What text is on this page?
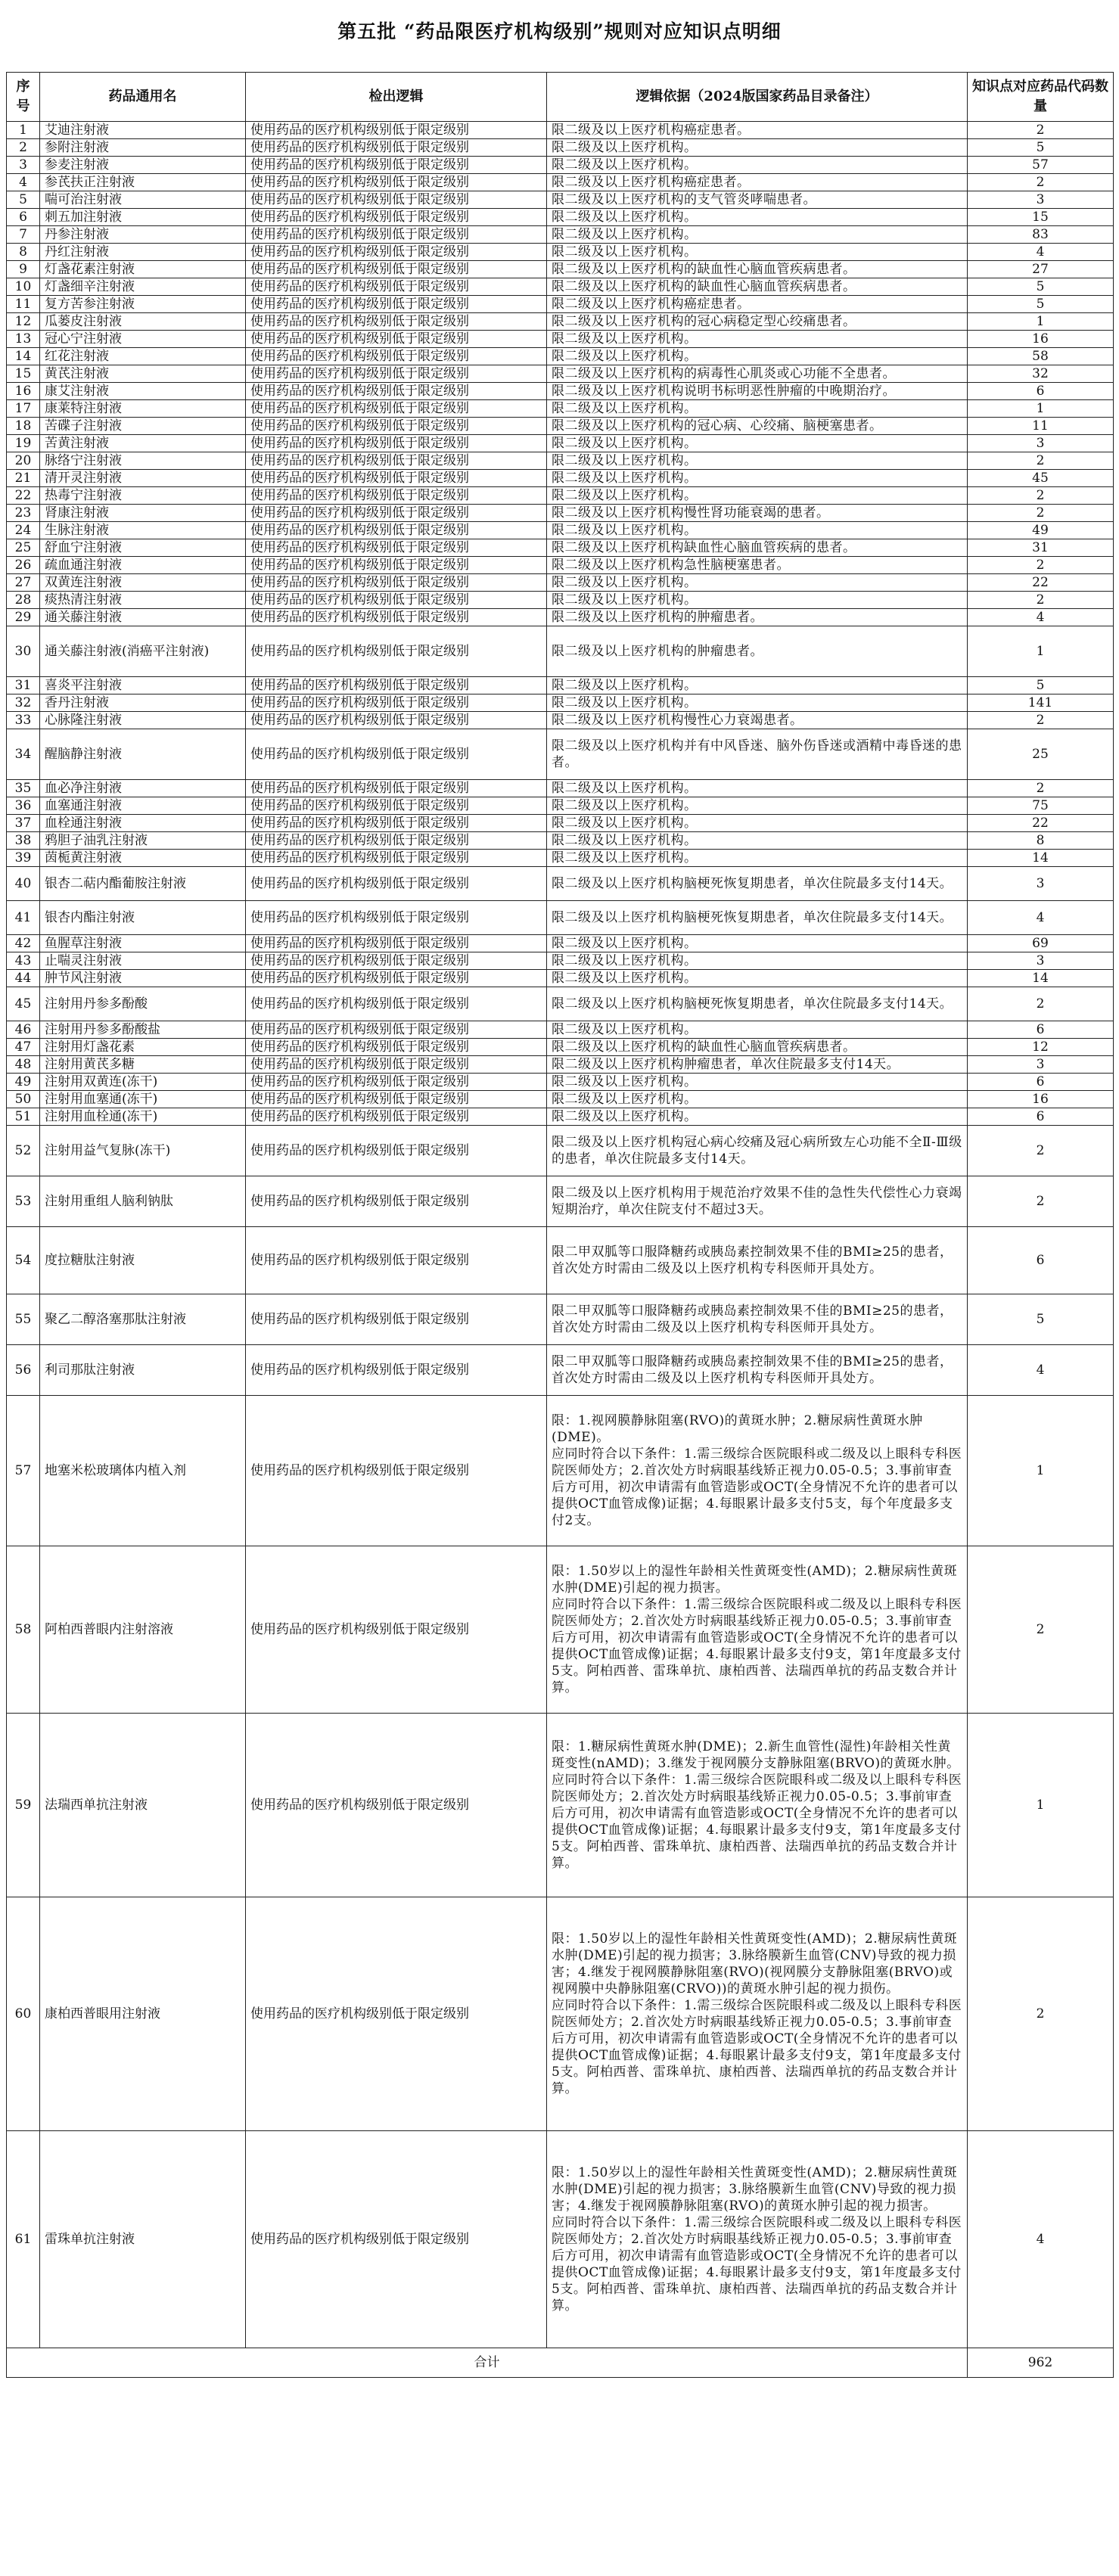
第五批 “药品限医疗机构级别”规则对应知识点明细
序号	药品通用名	检出逻辑	逻辑依据（2024版国家药品目录备注）	知识点对应药品代码数量
1	艾迪注射液	使用药品的医疗机构级别低于限定级别	限二级及以上医疗机构癌症患者。	2
2	参附注射液	使用药品的医疗机构级别低于限定级别	限二级及以上医疗机构。	5
3	参麦注射液	使用药品的医疗机构级别低于限定级别	限二级及以上医疗机构。	57
4	参芪扶正注射液	使用药品的医疗机构级别低于限定级别	限二级及以上医疗机构癌症患者。	2
5	喘可治注射液	使用药品的医疗机构级别低于限定级别	限二级及以上医疗机构的支气管炎哮喘患者。	3
6	刺五加注射液	使用药品的医疗机构级别低于限定级别	限二级及以上医疗机构。	15
7	丹参注射液	使用药品的医疗机构级别低于限定级别	限二级及以上医疗机构。	83
8	丹红注射液	使用药品的医疗机构级别低于限定级别	限二级及以上医疗机构。	4
9	灯盏花素注射液	使用药品的医疗机构级别低于限定级别	限二级及以上医疗机构的缺血性心脑血管疾病患者。	27
10	灯盏细辛注射液	使用药品的医疗机构级别低于限定级别	限二级及以上医疗机构的缺血性心脑血管疾病患者。	5
11	复方苦参注射液	使用药品的医疗机构级别低于限定级别	限二级及以上医疗机构癌症患者。	5
12	瓜蒌皮注射液	使用药品的医疗机构级别低于限定级别	限二级及以上医疗机构的冠心病稳定型心绞痛患者。	1
13	冠心宁注射液	使用药品的医疗机构级别低于限定级别	限二级及以上医疗机构。	16
14	红花注射液	使用药品的医疗机构级别低于限定级别	限二级及以上医疗机构。	58
15	黄芪注射液	使用药品的医疗机构级别低于限定级别	限二级及以上医疗机构的病毒性心肌炎或心功能不全患者。	32
16	康艾注射液	使用药品的医疗机构级别低于限定级别	限二级及以上医疗机构说明书标明恶性肿瘤的中晚期治疗。	6
17	康莱特注射液	使用药品的医疗机构级别低于限定级别	限二级及以上医疗机构。	1
18	苦碟子注射液	使用药品的医疗机构级别低于限定级别	限二级及以上医疗机构的冠心病、心绞痛、脑梗塞患者。	11
19	苦黄注射液	使用药品的医疗机构级别低于限定级别	限二级及以上医疗机构。	3
20	脉络宁注射液	使用药品的医疗机构级别低于限定级别	限二级及以上医疗机构。	2
21	清开灵注射液	使用药品的医疗机构级别低于限定级别	限二级及以上医疗机构。	45
22	热毒宁注射液	使用药品的医疗机构级别低于限定级别	限二级及以上医疗机构。	2
23	肾康注射液	使用药品的医疗机构级别低于限定级别	限二级及以上医疗机构慢性肾功能衰竭的患者。	2
24	生脉注射液	使用药品的医疗机构级别低于限定级别	限二级及以上医疗机构。	49
25	舒血宁注射液	使用药品的医疗机构级别低于限定级别	限二级及以上医疗机构缺血性心脑血管疾病的患者。	31
26	疏血通注射液	使用药品的医疗机构级别低于限定级别	限二级及以上医疗机构急性脑梗塞患者。	2
27	双黄连注射液	使用药品的医疗机构级别低于限定级别	限二级及以上医疗机构。	22
28	痰热清注射液	使用药品的医疗机构级别低于限定级别	限二级及以上医疗机构。	2
29	通关藤注射液	使用药品的医疗机构级别低于限定级别	限二级及以上医疗机构的肿瘤患者。	4
30	通关藤注射液(消癌平注射液)	使用药品的医疗机构级别低于限定级别	限二级及以上医疗机构的肿瘤患者。	1
31	喜炎平注射液	使用药品的医疗机构级别低于限定级别	限二级及以上医疗机构。	5
32	香丹注射液	使用药品的医疗机构级别低于限定级别	限二级及以上医疗机构。	141
33	心脉隆注射液	使用药品的医疗机构级别低于限定级别	限二级及以上医疗机构慢性心力衰竭患者。	2
34	醒脑静注射液	使用药品的医疗机构级别低于限定级别	限二级及以上医疗机构并有中风昏迷、脑外伤昏迷或酒精中毒昏迷的患者。	25
35	血必净注射液	使用药品的医疗机构级别低于限定级别	限二级及以上医疗机构。	2
36	血塞通注射液	使用药品的医疗机构级别低于限定级别	限二级及以上医疗机构。	75
37	血栓通注射液	使用药品的医疗机构级别低于限定级别	限二级及以上医疗机构。	22
38	鸦胆子油乳注射液	使用药品的医疗机构级别低于限定级别	限二级及以上医疗机构。	8
39	茵栀黄注射液	使用药品的医疗机构级别低于限定级别	限二级及以上医疗机构。	14
40	银杏二萜内酯葡胺注射液	使用药品的医疗机构级别低于限定级别	限二级及以上医疗机构脑梗死恢复期患者，单次住院最多支付14天。	3
41	银杏内酯注射液	使用药品的医疗机构级别低于限定级别	限二级及以上医疗机构脑梗死恢复期患者，单次住院最多支付14天。	4
42	鱼腥草注射液	使用药品的医疗机构级别低于限定级别	限二级及以上医疗机构。	69
43	止喘灵注射液	使用药品的医疗机构级别低于限定级别	限二级及以上医疗机构。	3
44	肿节风注射液	使用药品的医疗机构级别低于限定级别	限二级及以上医疗机构。	14
45	注射用丹参多酚酸	使用药品的医疗机构级别低于限定级别	限二级及以上医疗机构脑梗死恢复期患者，单次住院最多支付14天。	2
46	注射用丹参多酚酸盐	使用药品的医疗机构级别低于限定级别	限二级及以上医疗机构。	6
47	注射用灯盏花素	使用药品的医疗机构级别低于限定级别	限二级及以上医疗机构的缺血性心脑血管疾病患者。	12
48	注射用黄芪多糖	使用药品的医疗机构级别低于限定级别	限二级及以上医疗机构肿瘤患者，单次住院最多支付14天。	3
49	注射用双黄连(冻干)	使用药品的医疗机构级别低于限定级别	限二级及以上医疗机构。	6
50	注射用血塞通(冻干)	使用药品的医疗机构级别低于限定级别	限二级及以上医疗机构。	16
51	注射用血栓通(冻干)	使用药品的医疗机构级别低于限定级别	限二级及以上医疗机构。	6
52	注射用益气复脉(冻干)	使用药品的医疗机构级别低于限定级别	限二级及以上医疗机构冠心病心绞痛及冠心病所致左心功能不全Ⅱ-Ⅲ级的患者，单次住院最多支付14天。	2
53	注射用重组人脑利钠肽	使用药品的医疗机构级别低于限定级别	限二级及以上医疗机构用于规范治疗效果不佳的急性失代偿性心力衰竭短期治疗，单次住院支付不超过3天。	2
54	度拉糖肽注射液	使用药品的医疗机构级别低于限定级别	限二甲双胍等口服降糖药或胰岛素控制效果不佳的BMI≥25的患者，首次处方时需由二级及以上医疗机构专科医师开具处方。	6
55	聚乙二醇洛塞那肽注射液	使用药品的医疗机构级别低于限定级别	限二甲双胍等口服降糖药或胰岛素控制效果不佳的BMI≥25的患者，首次处方时需由二级及以上医疗机构专科医师开具处方。	5
56	利司那肽注射液	使用药品的医疗机构级别低于限定级别	限二甲双胍等口服降糖药或胰岛素控制效果不佳的BMI≥25的患者，首次处方时需由二级及以上医疗机构专科医师开具处方。	4
57	地塞米松玻璃体内植入剂	使用药品的医疗机构级别低于限定级别	限：1.视网膜静脉阻塞(RVO)的黄斑水肿；2.糖尿病性黄斑水肿(DME)。
应同时符合以下条件：1.需三级综合医院眼科或二级及以上眼科专科医院医师处方；2.首次处方时病眼基线矫正视力0.05-0.5；3.事前审查后方可用，初次申请需有血管造影或OCT(全身情况不允许的患者可以提供OCT血管成像)证据；4.每眼累计最多支付5支，每个年度最多支付2支。	1
58	阿柏西普眼内注射溶液	使用药品的医疗机构级别低于限定级别	限：1.50岁以上的湿性年龄相关性黄斑变性(AMD)；2.糖尿病性黄斑水肿(DME)引起的视力损害。
应同时符合以下条件：1.需三级综合医院眼科或二级及以上眼科专科医院医师处方；2.首次处方时病眼基线矫正视力0.05-0.5；3.事前审查后方可用，初次申请需有血管造影或OCT(全身情况不允许的患者可以提供OCT血管成像)证据；4.每眼累计最多支付9支，第1年度最多支付5支。阿柏西普、雷珠单抗、康柏西普、法瑞西单抗的药品支数合并计算。	2
59	法瑞西单抗注射液	使用药品的医疗机构级别低于限定级别	限：1.糖尿病性黄斑水肿(DME)；2.新生血管性(湿性)年龄相关性黄斑变性(nAMD)；3.继发于视网膜分支静脉阻塞(BRVO)的黄斑水肿。
应同时符合以下条件：1.需三级综合医院眼科或二级及以上眼科专科医院医师处方；2.首次处方时病眼基线矫正视力0.05-0.5；3.事前审查后方可用，初次申请需有血管造影或OCT(全身情况不允许的患者可以提供OCT血管成像)证据；4.每眼累计最多支付9支，第1年度最多支付5支。阿柏西普、雷珠单抗、康柏西普、法瑞西单抗的药品支数合并计算。	1
60	康柏西普眼用注射液	使用药品的医疗机构级别低于限定级别	限：1.50岁以上的湿性年龄相关性黄斑变性(AMD)；2.糖尿病性黄斑水肿(DME)引起的视力损害；3.脉络膜新生血管(CNV)导致的视力损害；4.继发于视网膜静脉阻塞(RVO)(视网膜分支静脉阻塞(BRVO)或视网膜中央静脉阻塞(CRVO))的黄斑水肿引起的视力损伤。
应同时符合以下条件：1.需三级综合医院眼科或二级及以上眼科专科医院医师处方；2.首次处方时病眼基线矫正视力0.05-0.5；3.事前审查后方可用，初次申请需有血管造影或OCT(全身情况不允许的患者可以提供OCT血管成像)证据；4.每眼累计最多支付9支，第1年度最多支付5支。阿柏西普、雷珠单抗、康柏西普、法瑞西单抗的药品支数合并计算。	2
61	雷珠单抗注射液	使用药品的医疗机构级别低于限定级别	限：1.50岁以上的湿性年龄相关性黄斑变性(AMD)；2.糖尿病性黄斑水肿(DME)引起的视力损害；3.脉络膜新生血管(CNV)导致的视力损害；4.继发于视网膜静脉阻塞(RVO)的黄斑水肿引起的视力损害。
应同时符合以下条件：1.需三级综合医院眼科或二级及以上眼科专科医院医师处方；2.首次处方时病眼基线矫正视力0.05-0.5；3.事前审查后方可用，初次申请需有血管造影或OCT(全身情况不允许的患者可以提供OCT血管成像)证据；4.每眼累计最多支付9支，第1年度最多支付5支。阿柏西普、雷珠单抗、康柏西普、法瑞西单抗的药品支数合并计算。	4
合计				962
